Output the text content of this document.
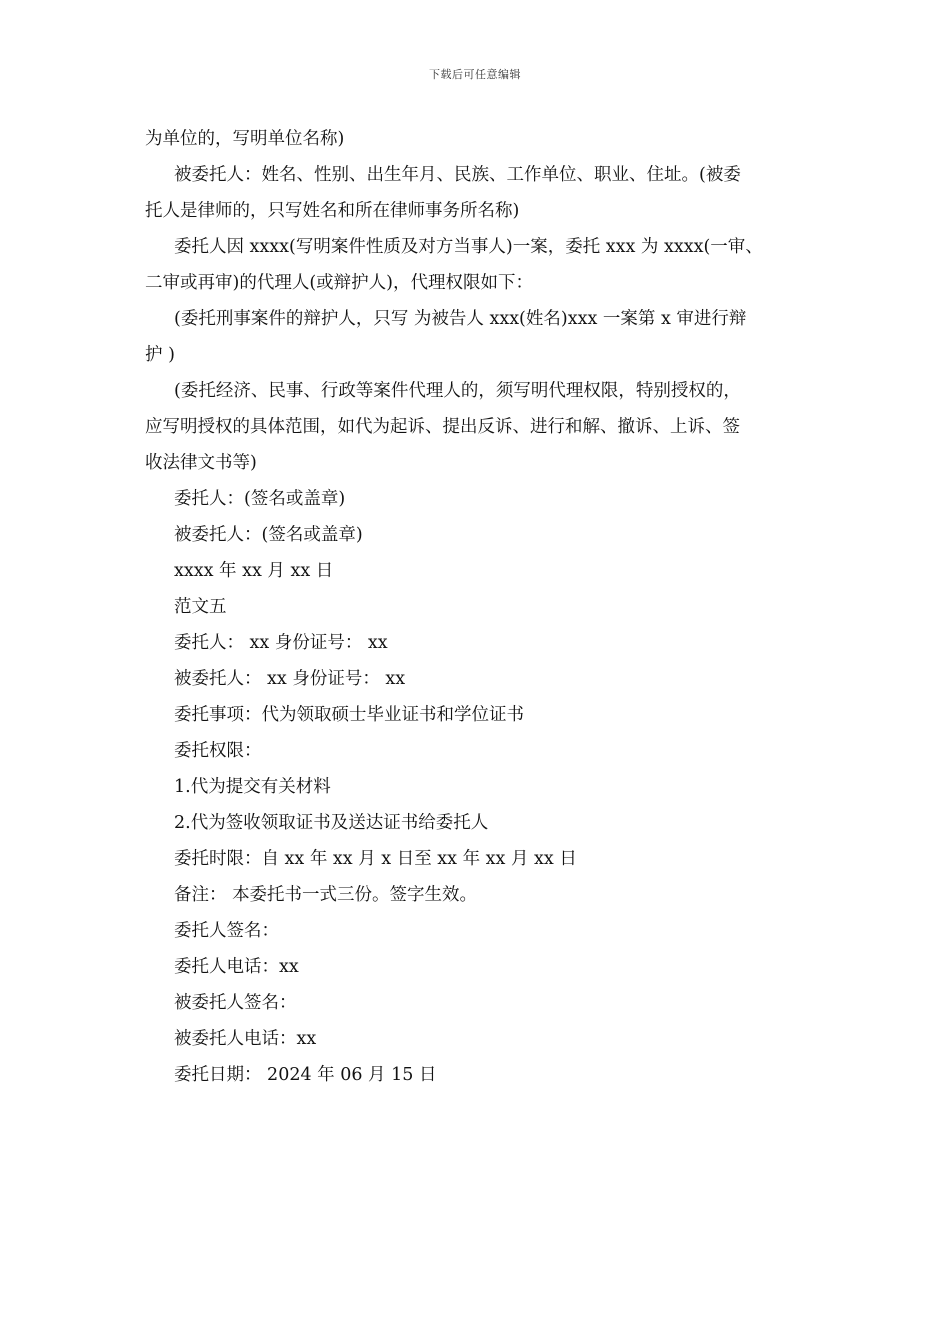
下载后可任意编辑
为单位的，写明单位名称)
被委托人：姓名、性别、出生年月、民族、工作单位、职业、住址。(被委
托人是律师的，只写姓名和所在律师事务所名称)
委托人因 xxxx(写明案件性质及对方当事人)一案，委托 xxx 为 xxxx(一审、
二审或再审)的代理人(或辩护人)，代理权限如下：
(委托刑事案件的辩护人，只写 为被告人 xxx(姓名)xxx 一案第 x 审进行辩
护 )
(委托经济、民事、行政等案件代理人的，须写明代理权限，特别授权的，
应写明授权的具体范围，如代为起诉、提出反诉、进行和解、撤诉、上诉、签
收法律文书等)
委托人：(签名或盖章)
被委托人：(签名或盖章)
xxxx 年 xx 月 xx 日
范文五
委托人： xx 身份证号： xx
被委托人： xx 身份证号： xx
委托事项：代为领取硕士毕业证书和学位证书
委托权限：
1.代为提交有关材料
2.代为签收领取证书及送达证书给委托人
委托时限：自 xx 年 xx 月 x 日至 xx 年 xx 月 xx 日
备注： 本委托书一式三份。签字生效。
委托人签名：
委托人电话：xx
被委托人签名：
被委托人电话：xx
委托日期： 2024 年 06 月 15 日
